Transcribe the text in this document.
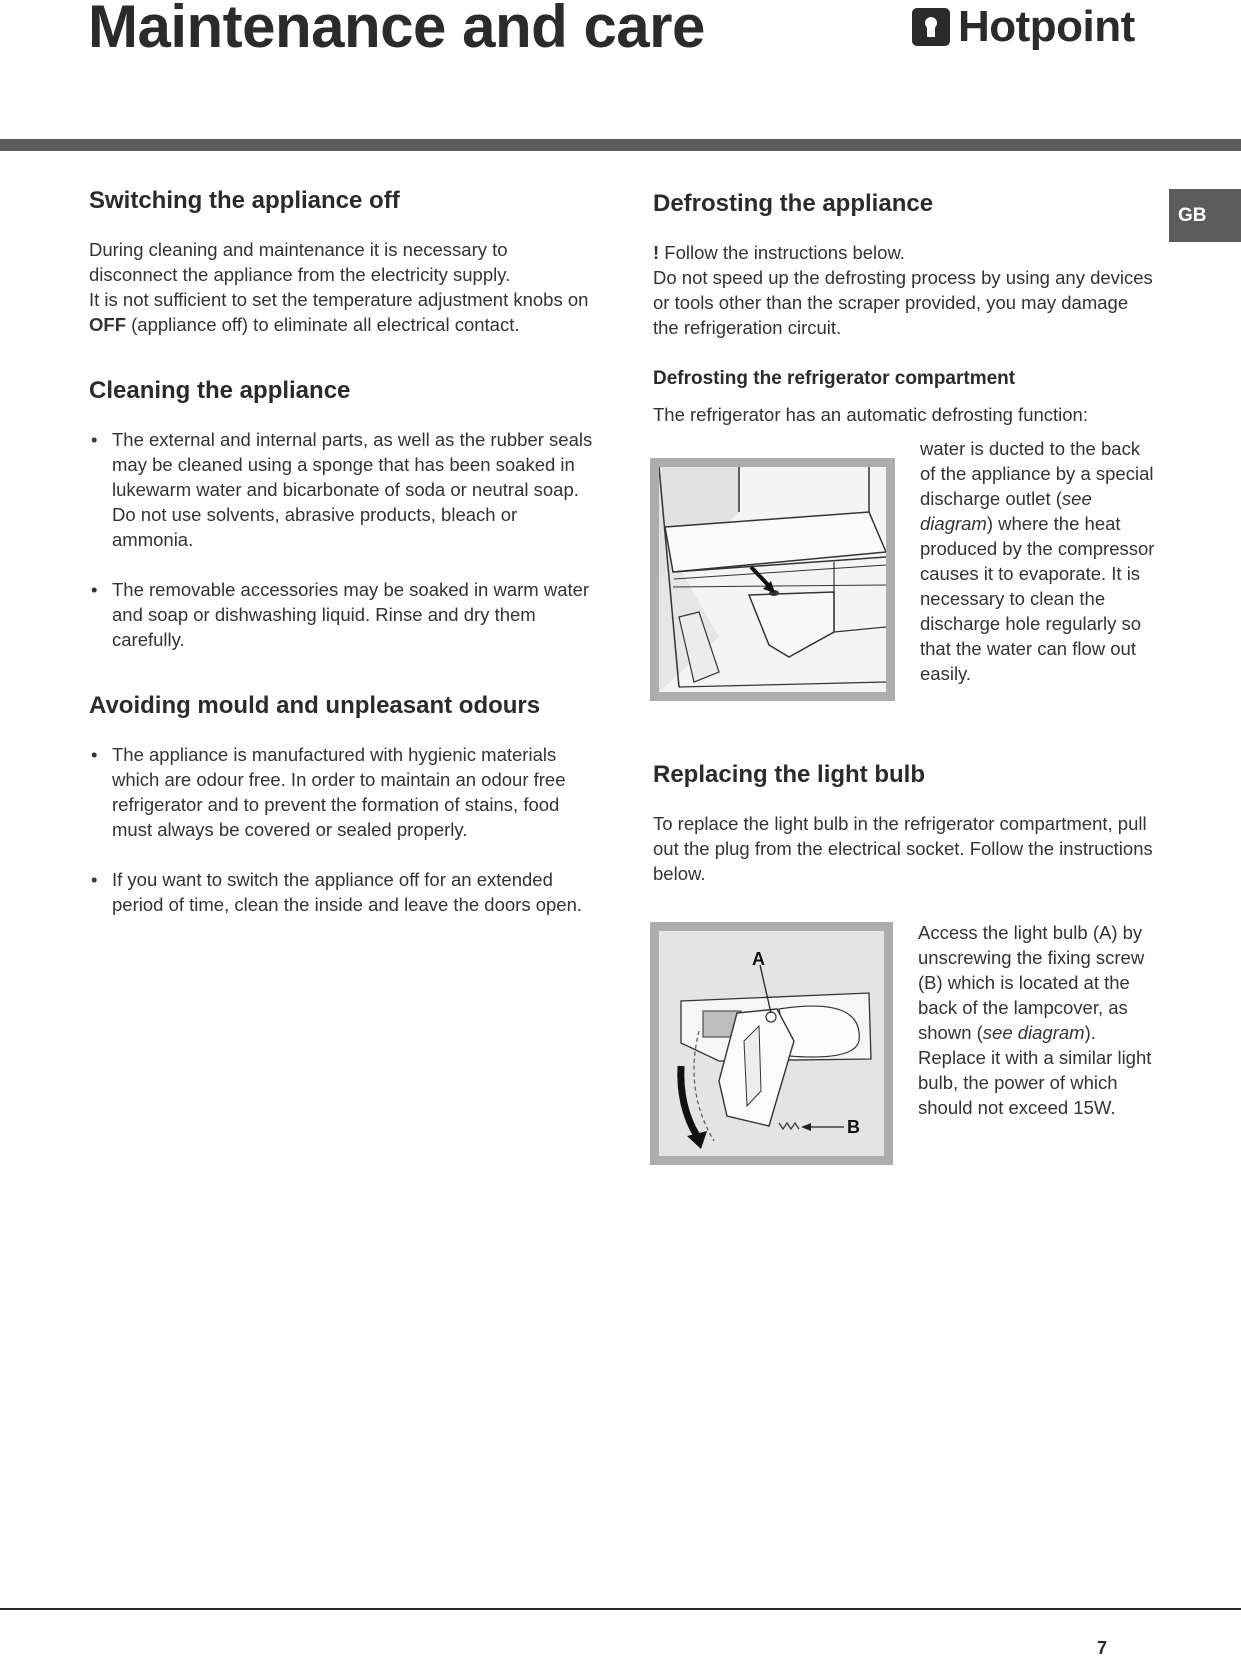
Maintenance and care	Hotpoint
GB
Switching the appliance off

During cleaning and maintenance it is necessary to disconnect the appliance from the electricity supply.

It is not sufficient to set the temperature adjustment knobs on OFF (appliance off) to eliminate all electrical contact.

Cleaning the appliance
• The external and internal parts, as well as the rubber seals may be cleaned using a sponge that has been soaked in lukewarm water and bicarbonate of soda or neutral soap. Do not use solvents, abrasive products, bleach or ammonia.
• The removable accessories may be soaked in warm water and soap or dishwashing liquid. Rinse and dry them carefully.
Avoiding mould and unpleasant odours
• The appliance is manufactured with hygienic materials which are odour free. In order to maintain an odour free refrigerator and to prevent the formation of stains, food must always be covered or sealed properly.
• If you want to switch the appliance off for an extended period of time, clean the inside and leave the doors open.
Defrosting the appliance

! Follow the instructions below.

Do not speed up the defrosting process by using any devices or tools other than the scraper provided, you may damage the refrigeration circuit.

Defrosting the refrigerator compartment

The refrigerator has an automatic defrosting function:

water is ducted to the back of the appliance by a special discharge outlet (see diagram) where the heat produced by the compressor causes it to evaporate. It is necessary to clean the discharge hole regularly so that the water can flow out easily.

Replacing the light bulb

To replace the light bulb in the refrigerator compartment, pull out the plug from the electrical socket. Follow the instructions below.

Access the light bulb (A) by unscrewing the fixing screw (B) which is located at the back of the lampcover, as shown (see diagram). Replace it with a similar light bulb, the power of which should not exceed 15W.

A
B
7
